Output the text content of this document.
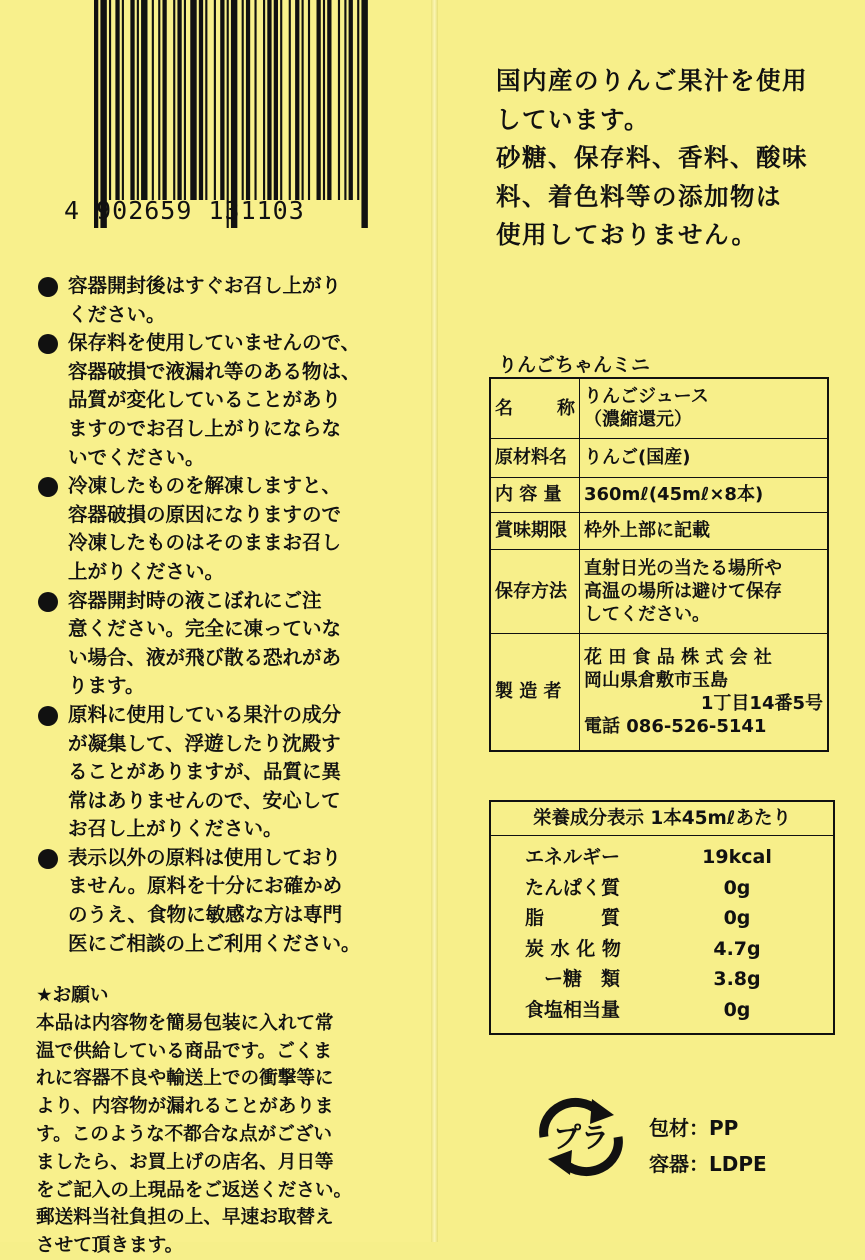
4 902659 131103
容器開封後はすぐお召し上がり
ください。
保存料を使用していませんので、
容器破損で液漏れ等のある物は、
品質が変化していることがあり
ますのでお召し上がりにならな
いでください。
冷凍したものを解凍しますと、
容器破損の原因になりますので
冷凍したものはそのままお召し
上がりください。
容器開封時の液こぼれにご注
意ください。完全に凍っていな
い場合、液が飛び散る恐れがあ
ります。
原料に使用している果汁の成分
が凝集して、浮遊したり沈殿す
ることがありますが、品質に異
常はありませんので、安心して
お召し上がりください。
表示以外の原料は使用しており
ません。原料を十分にお確かめ
のうえ、食物に敏感な方は専門
医にご相談の上ご利用ください。
★お願い
本品は内容物を簡易包装に入れて常
温で供給している商品です。ごくま
れに容器不良や輸送上での衝撃等に
より、内容物が漏れることがありま
す。このような不都合な点がござい
ましたら、お買上げの店名、月日等
をご記入の上現品をご返送ください。
郵送料当社負担の上、早速お取替え
させて頂きます。
国内産のりんご果汁を使用
しています。
砂糖、保存料、香料、酸味
料、着色料等の添加物は
使用しておりません。
りんごちゃんミニ
名 称	りんごジュース
（濃縮還元）
原材料名	りんご(国産)
内 容 量	360mℓ(45mℓ×8本)
賞味期限	枠外上部に記載
保存方法	直射日光の当たる場所や
高温の場所は避けて保存
してください。
製 造 者	花 田 食 品 株 式 会 社
岡山県倉敷市玉島
1丁目14番5号
電話 086-526-5141
栄養成分表示 1本45mℓあたり
エネルギー	19kcal
たんぱく質	0g
脂　　　質	0g
炭 水 化 物	4.7g
　ー糖　類	3.8g
食塩相当量	0g
プラ 包材：PP
容器：LDPE
